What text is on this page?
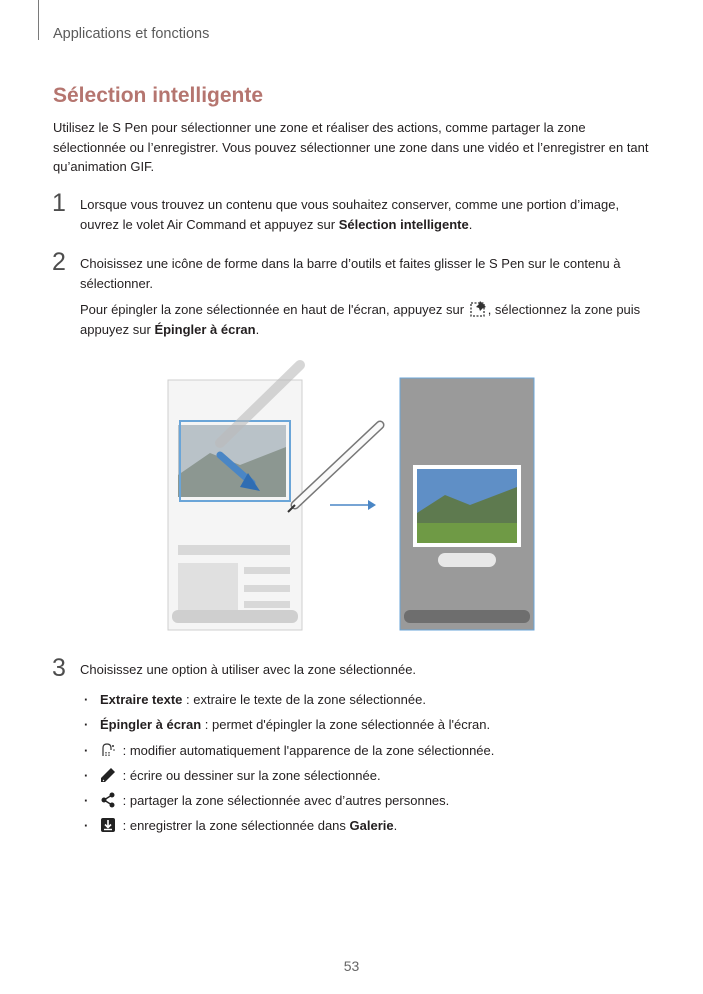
Applications et fonctions
Sélection intelligente

Utilisez le S Pen pour sélectionner une zone et réaliser des actions, comme partager la zone sélectionnée ou l’enregistrer. Vous pouvez sélectionner une zone dans une vidéo et l’enregistrer en tant qu’animation GIF.

1 Lorsque vous trouvez un contenu que vous souhaitez conserver, comme une portion d’image, ouvrez le volet Air Command et appuyez sur Sélection intelligente.

2 Choisissez une icône de forme dans la barre d’outils et faites glisser le S Pen sur le contenu à sélectionner.

Pour épingler la zone sélectionnée en haut de l'écran, appuyez sur , sélectionnez la zone puis appuyez sur Épingler à écran.

3 Choisissez une option à utiliser avec la zone sélectionnée.

· Extraire texte : extraire le texte de la zone sélectionnée.
· Épingler à écran : permet d'épingler la zone sélectionnée à l'écran.
· : modifier automatiquement l'apparence de la zone sélectionnée.
· : écrire ou dessiner sur la zone sélectionnée.
· : partager la zone sélectionnée avec d’autres personnes.
· : enregistrer la zone sélectionnée dans Galerie.
53
